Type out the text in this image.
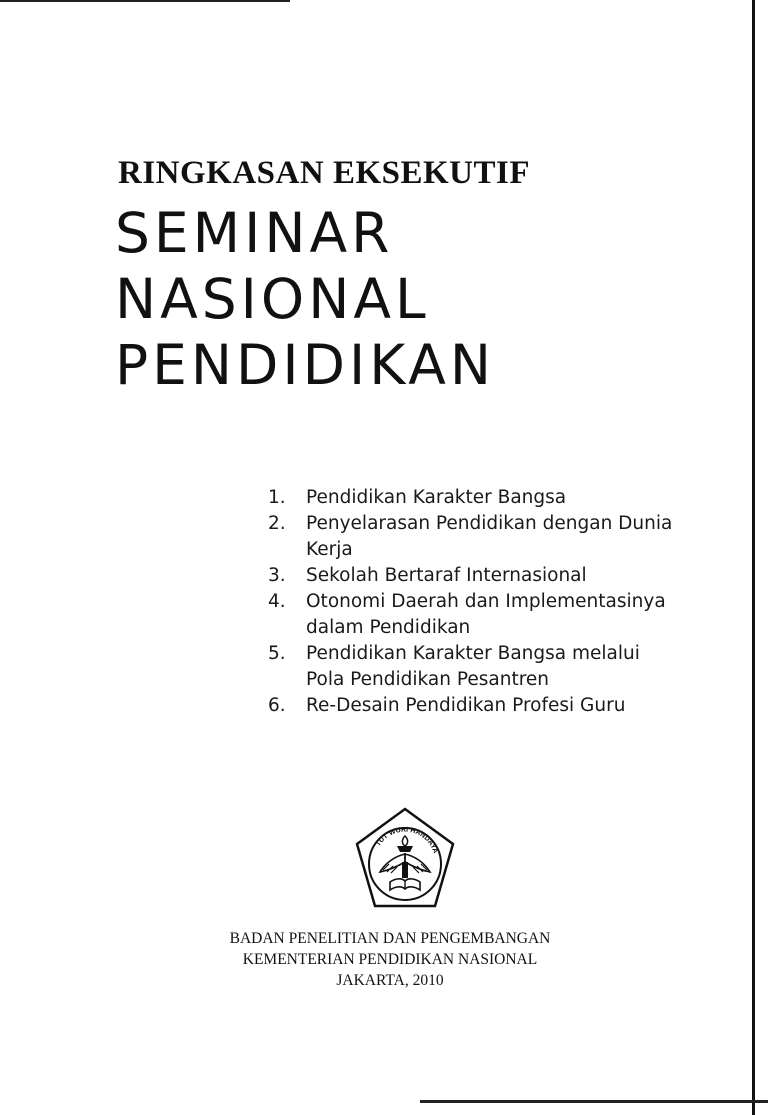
RINGKASAN EKSEKUTIF
SEMINAR
NASIONAL
PENDIDIKAN
1. Pendidikan Karakter Bangsa
2. Penyelarasan Pendidikan dengan Dunia
Kerja
3. Sekolah Bertaraf Internasional
4. Otonomi Daerah dan Implementasinya
dalam Pendidikan
5. Pendidikan Karakter Bangsa melalui
Pola Pendidikan Pesantren
6. Re-Desain Pendidikan Profesi Guru
TUT WURI HANDAYA
BADAN PENELITIAN DAN PENGEMBANGAN
KEMENTERIAN PENDIDIKAN NASIONAL
JAKARTA, 2010
